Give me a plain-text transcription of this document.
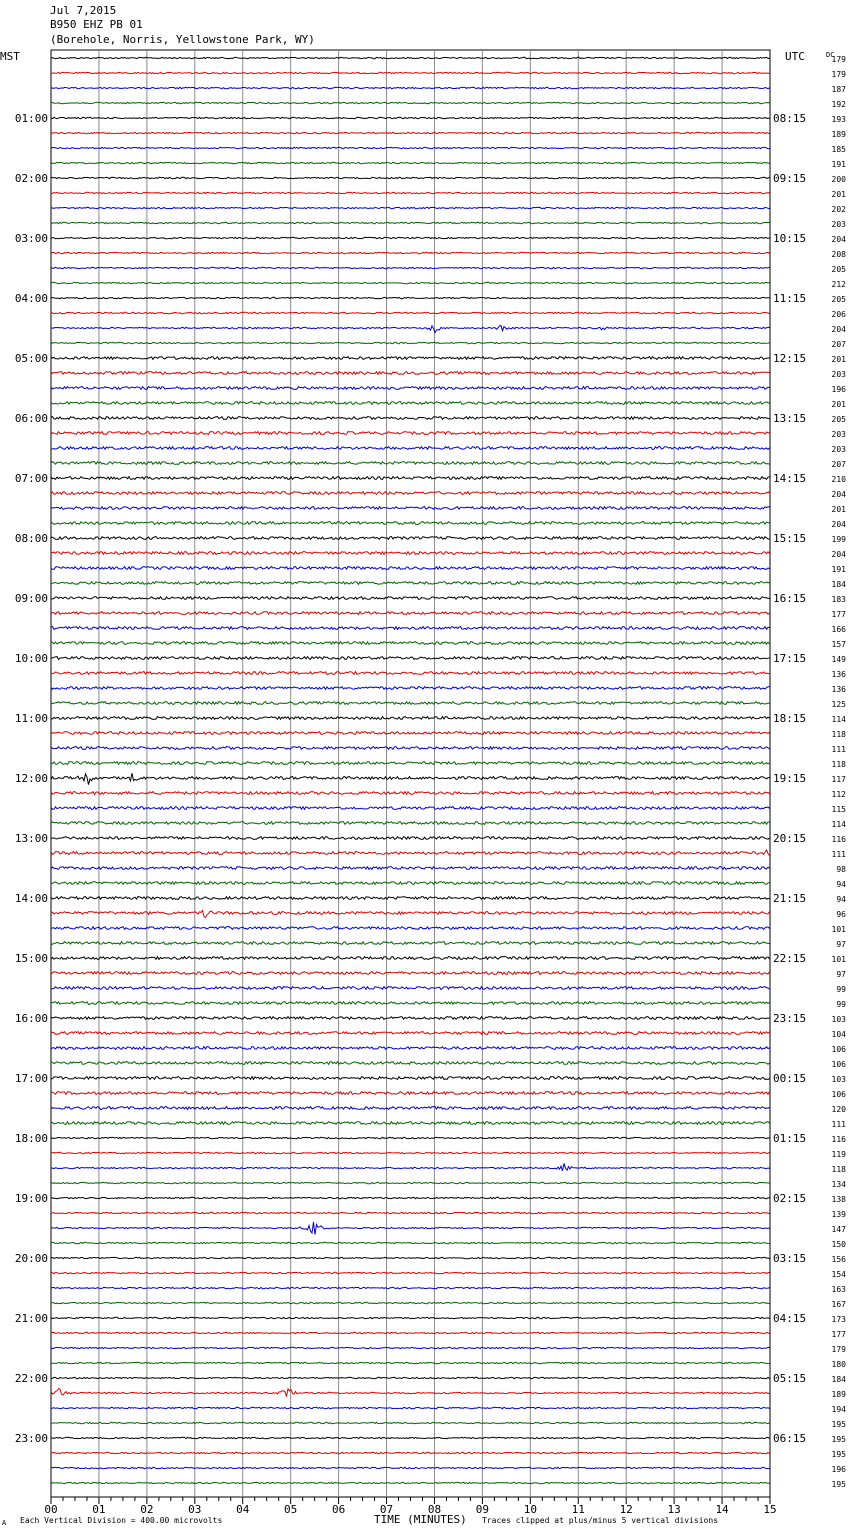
Jul 7,2015
B950 EHZ PB 01
(Borehole, Norris, Yellowstone Park, WY)
179
179
187
192
193
189
185
191
200
201
202
203
204
208
205
212
205
206
204
207
201
203
196
201
205
203
203
207
210
204
201
204
199
204
191
184
183
177
166
157
149
136
136
125
114
118
111
118
117
112
115
114
116
111
98
94
94
96
101
97
101
97
99
99
103
104
106
106
103
106
120
111
116
119
118
134
138
139
147
150
156
154
163
167
173
177
179
180
184
189
194
195
195
195
196
195
01:00	08:15
02:00	09:15
03:00	10:15
04:00	11:15
05:00	12:15
06:00	13:15
07:00	14:15
08:00	15:15
09:00	16:15
10:00	17:15
11:00	18:15
12:00	19:15
13:00	20:15
14:00	21:15
15:00	22:15
16:00	23:15
17:00	00:15
18:00	01:15
19:00	02:15
20:00	03:15
21:00	04:15
22:00	05:15
23:00	06:15
MST	UTC	DC
00	01	02	03	04	05	06	07	08	09	10	11	12	13	14	15
A Each Vertical Division = 400.00 microvolts	TIME (MINUTES) Traces clipped at plus/minus 5 vertical divisions
